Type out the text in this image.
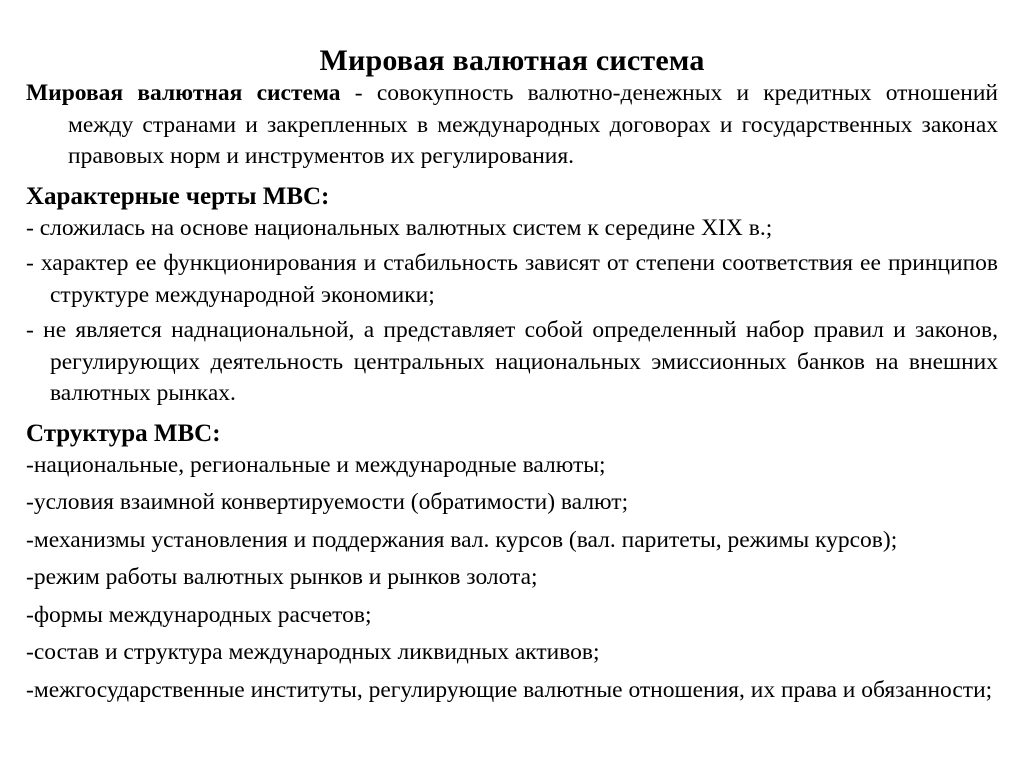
Мировая валютная система

Мировая валютная система - совокупность валютно-денежных и кредитных отношений между странами и закрепленных в международных договорах и государственных законах правовых норм и инструментов их регулирования.

Характерные черты МВС:

- сложилась на основе национальных валютных систем к середине XIX в.;

- характер ее функционирования и стабильность зависят от степени соответствия ее принципов структуре международной экономики;

- не является наднациональной, а представляет собой определенный набор правил и законов, регулирующих деятельность центральных национальных эмиссионных банков на внешних валютных рынках.

Структура МВС:

-национальные, региональные и международные валюты;

-условия взаимной конвертируемости (обратимости) валют;

-механизмы установления и поддержания вал. курсов (вал. паритеты, режимы курсов);

-режим работы валютных рынков и рынков золота;

-формы международных расчетов;

-состав и структура международных ликвидных активов;

-межгосударственные институты, регулирующие валютные отношения, их права и обязанности;
